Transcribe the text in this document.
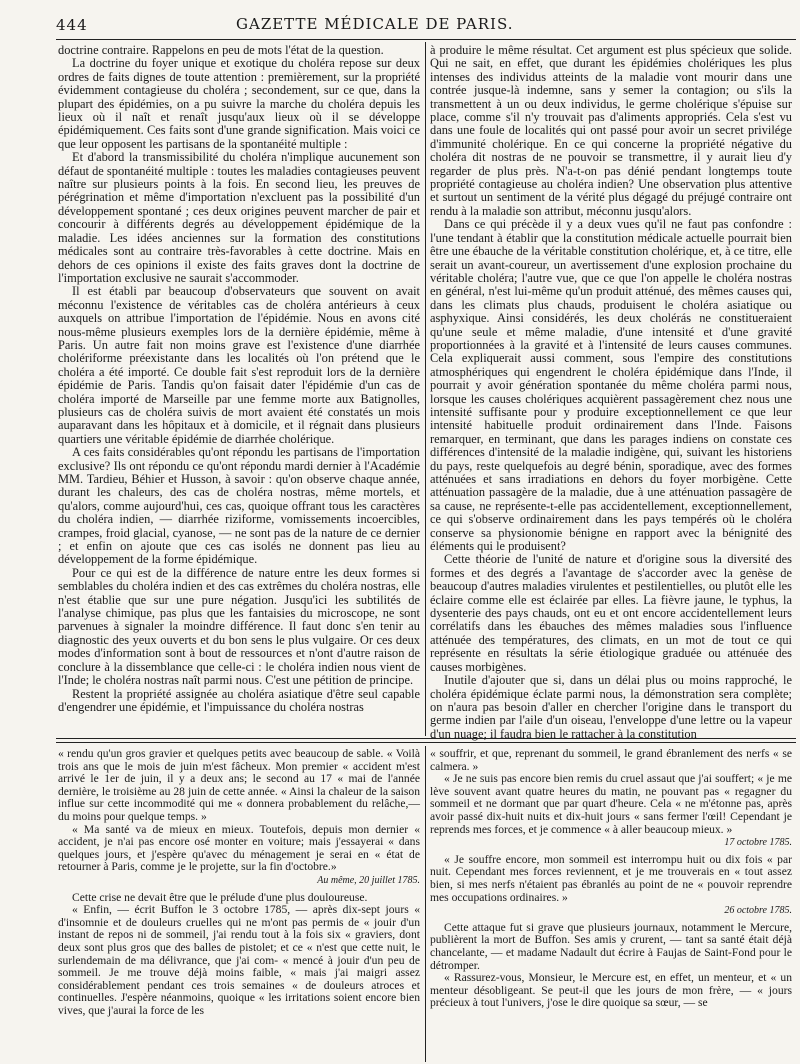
444	GAZETTE MÉDICALE DE PARIS.

doctrine contraire. Rappelons en peu de mots l'état de la question.

La doctrine du foyer unique et exotique du choléra repose sur deux ordres de faits dignes de toute attention : premièrement, sur la propriété évidemment contagieuse du choléra ; secondement, sur ce que, dans la plupart des épidémies, on a pu suivre la marche du choléra depuis les lieux où il naît et renaît jusqu'aux lieux où il se développe épidémiquement. Ces faits sont d'une grande signification. Mais voici ce que leur opposent les partisans de la spontanéité multiple :

Et d'abord la transmissibilité du choléra n'implique aucunement son défaut de spontanéité multiple : toutes les maladies contagieuses peuvent naître sur plusieurs points à la fois. En second lieu, les preuves de pérégrination et même d'importation n'excluent pas la possibilité d'un développement spontané ; ces deux origines peuvent marcher de pair et concourir à différents degrés au développement épidémique de la maladie. Les idées anciennes sur la formation des constitutions médicales sont au contraire très-favorables à cette doctrine. Mais en dehors de ces opinions il existe des faits graves dont la doctrine de l'importation exclusive ne saurait s'accommoder.

Il est établi par beaucoup d'observateurs que souvent on avait méconnu l'existence de véritables cas de choléra antérieurs à ceux auxquels on attribue l'importation de l'épidémie. Nous en avons cité nous-même plusieurs exemples lors de la dernière épidémie, même à Paris. Un autre fait non moins grave est l'existence d'une diarrhée cholériforme préexistante dans les localités où l'on prétend que le choléra a été importé. Ce double fait s'est reproduit lors de la dernière épidémie de Paris. Tandis qu'on faisait dater l'épidémie d'un cas de choléra importé de Marseille par une femme morte aux Batignolles, plusieurs cas de choléra suivis de mort avaient été constatés un mois auparavant dans les hôpitaux et à domicile, et il régnait dans plusieurs quartiers une véritable épidémie de diarrhée cholérique.

A ces faits considérables qu'ont répondu les partisans de l'importation exclusive? Ils ont répondu ce qu'ont répondu mardi dernier à l'Académie MM. Tardieu, Béhier et Husson, à savoir : qu'on observe chaque année, durant les chaleurs, des cas de choléra nostras, même mortels, et qu'alors, comme aujourd'hui, ces cas, quoique offrant tous les caractères du choléra indien, — diarrhée riziforme, vomissements incoercibles, crampes, froid glacial, cyanose, — ne sont pas de la nature de ce dernier ; et enfin on ajoute que ces cas isolés ne donnent pas lieu au développement de la forme épidémique.

Pour ce qui est de la différence de nature entre les deux formes si semblables du choléra indien et des cas extrêmes du choléra nostras, elle n'est établie que sur une pure négation. Jusqu'ici les subtilités de l'analyse chimique, pas plus que les fantaisies du microscope, ne sont parvenues à signaler la moindre différence. Il faut donc s'en tenir au diagnostic des yeux ouverts et du bon sens le plus vulgaire. Or ces deux modes d'information sont à bout de ressources et n'ont d'autre raison de conclure à la dissemblance que celle-ci : le choléra indien nous vient de l'Inde; le choléra nostras naît parmi nous. C'est une pétition de principe.

Restent la propriété assignée au choléra asiatique d'être seul capable d'engendrer une épidémie, et l'impuissance du choléra nostras

à produire le même résultat. Cet argument est plus spécieux que solide. Qui ne sait, en effet, que durant les épidémies cholériques les plus intenses des individus atteints de la maladie vont mourir dans une contrée jusque-là indemne, sans y semer la contagion; ou s'ils la transmettent à un ou deux individus, le germe cholérique s'épuise sur place, comme s'il n'y trouvait pas d'aliments appropriés. Cela s'est vu dans une foule de localités qui ont passé pour avoir un secret privilége d'immunité cholérique. En ce qui concerne la propriété négative du choléra dit nostras de ne pouvoir se transmettre, il y aurait lieu d'y regarder de plus près. N'a-t-on pas dénié pendant longtemps toute propriété contagieuse au choléra indien? Une observation plus attentive et surtout un sentiment de la vérité plus dégagé du préjugé contraire ont rendu à la maladie son attribut, méconnu jusqu'alors.

Dans ce qui précède il y a deux vues qu'il ne faut pas confondre : l'une tendant à établir que la constitution médicale actuelle pourrait bien être une ébauche de la véritable constitution cholérique, et, à ce titre, elle serait un avant-coureur, un avertissement d'une explosion prochaine du véritable choléra; l'autre vue, que ce que l'on appelle le choléra nostras en général, n'est lui-même qu'un produit atténué, des mêmes causes qui, dans les climats plus chauds, produisent le choléra asiatique ou asphyxique. Ainsi considérés, les deux cholérás ne constitueraient qu'une seule et même maladie, d'une intensité et d'une gravité proportionnées à la gravité et à l'intensité de leurs causes communes. Cela expliquerait aussi comment, sous l'empire des constitutions atmosphériques qui engendrent le choléra épidémique dans l'Inde, il pourrait y avoir génération spontanée du même choléra parmi nous, lorsque les causes cholériques acquièrent passagèrement chez nous une intensité suffisante pour y produire exceptionnellement ce que leur intensité habituelle produit ordinairement dans l'Inde. Faisons remarquer, en terminant, que dans les parages indiens on constate ces différences d'intensité de la maladie indigène, qui, suivant les historiens du pays, reste quelquefois au degré bénin, sporadique, avec des formes atténuées et sans irradiations en dehors du foyer morbigène. Cette atténuation passagère de la maladie, due à une atténuation passagère de sa cause, ne représente-t-elle pas accidentellement, exceptionnellement, ce qui s'observe ordinairement dans les pays tempérés où le choléra conserve sa physionomie bénigne en rapport avec la bénignité des éléments qui le produisent?

Cette théorie de l'unité de nature et d'origine sous la diversité des formes et des degrés a l'avantage de s'accorder avec la genèse de beaucoup d'autres maladies virulentes et pestilentielles, ou plutôt elle les éclaire comme elle est éclairée par elles. La fièvre jaune, le typhus, la dysenterie des pays chauds, ont eu et ont encore accidentellement leurs corrélatifs dans les ébauches des mêmes maladies sous l'influence atténuée des températures, des climats, en un mot de tout ce qui représente en résultats la série étiologique graduée ou atténuée des causes morbigènes.

Inutile d'ajouter que si, dans un délai plus ou moins rapproché, le choléra épidémique éclate parmi nous, la démonstration sera complète; on n'aura pas besoin d'aller en chercher l'origine dans le transport du germe indien par l'aile d'un oiseau, l'enveloppe d'une lettre ou la vapeur d'un nuage; il faudra bien le rattacher à la constitution

« rendu qu'un gros gravier et quelques petits avec beaucoup de sable. « Voilà trois ans que le mois de juin m'est fâcheux. Mon premier « accident m'est arrivé le 1er de juin, il y a deux ans; le second au 17 « mai de l'année dernière, le troisième au 28 juin de cette année. « Ainsi la chaleur de la saison influe sur cette incommodité qui me « donnera probablement du relâche,— du moins pour quelque temps. »

« Ma santé va de mieux en mieux. Toutefois, depuis mon dernier « accident, je n'ai pas encore osé monter en voiture; mais j'essayerai « dans quelques jours, et j'espère qu'avec du ménagement je serai en « état de retourner à Paris, comme je le projette, sur la fin d'octobre.»

Au même, 20 juillet 1785.

Cette crise ne devait être que le prélude d'une plus douloureuse.

« Enfin, — écrit Buffon le 3 octobre 1785, — après dix-sept jours « d'insomnie et de douleurs cruelles qui ne m'ont pas permis de « jouir d'un instant de repos ni de sommeil, j'ai rendu tout à la fois six « graviers, dont deux sont plus gros que des balles de pistolet; et ce « n'est que cette nuit, le surlendemain de ma délivrance, que j'ai com- « mencé à jouir d'un peu de sommeil. Je me trouve déjà moins faible, « mais j'ai maigri assez considérablement pendant ces trois semaines « de douleurs atroces et continuelles. J'espère néanmoins, quoique « les irritations soient encore bien vives, que j'aurai la force de les

« souffrir, et que, reprenant du sommeil, le grand ébranlement des nerfs « se calmera. »

« Je ne suis pas encore bien remis du cruel assaut que j'ai souffert; « je me lève souvent avant quatre heures du matin, ne pouvant pas « regagner du sommeil et ne dormant que par quart d'heure. Cela « ne m'étonne pas, après avoir passé dix-huit nuits et dix-huit jours « sans fermer l'œil! Cependant je reprends mes forces, et je commence « à aller beaucoup mieux. »

17 octobre 1785.

« Je souffre encore, mon sommeil est interrompu huit ou dix fois « par nuit. Cependant mes forces reviennent, et je me trouverais en « tout assez bien, si mes nerfs n'étaient pas ébranlés au point de ne « pouvoir reprendre mes occupations ordinaires. »

26 octobre 1785.

Cette attaque fut si grave que plusieurs journaux, notamment le Mercure, publièrent la mort de Buffon. Ses amis y crurent, — tant sa santé était déjà chancelante, — et madame Nadault dut écrire à Faujas de Saint-Fond pour le détromper.

« Rassurez-vous, Monsieur, le Mercure est, en effet, un menteur, et « un menteur désobligeant. Se peut-il que les jours de mon frère, — « jours précieux à tout l'univers, j'ose le dire quoique sa sœur, — se
